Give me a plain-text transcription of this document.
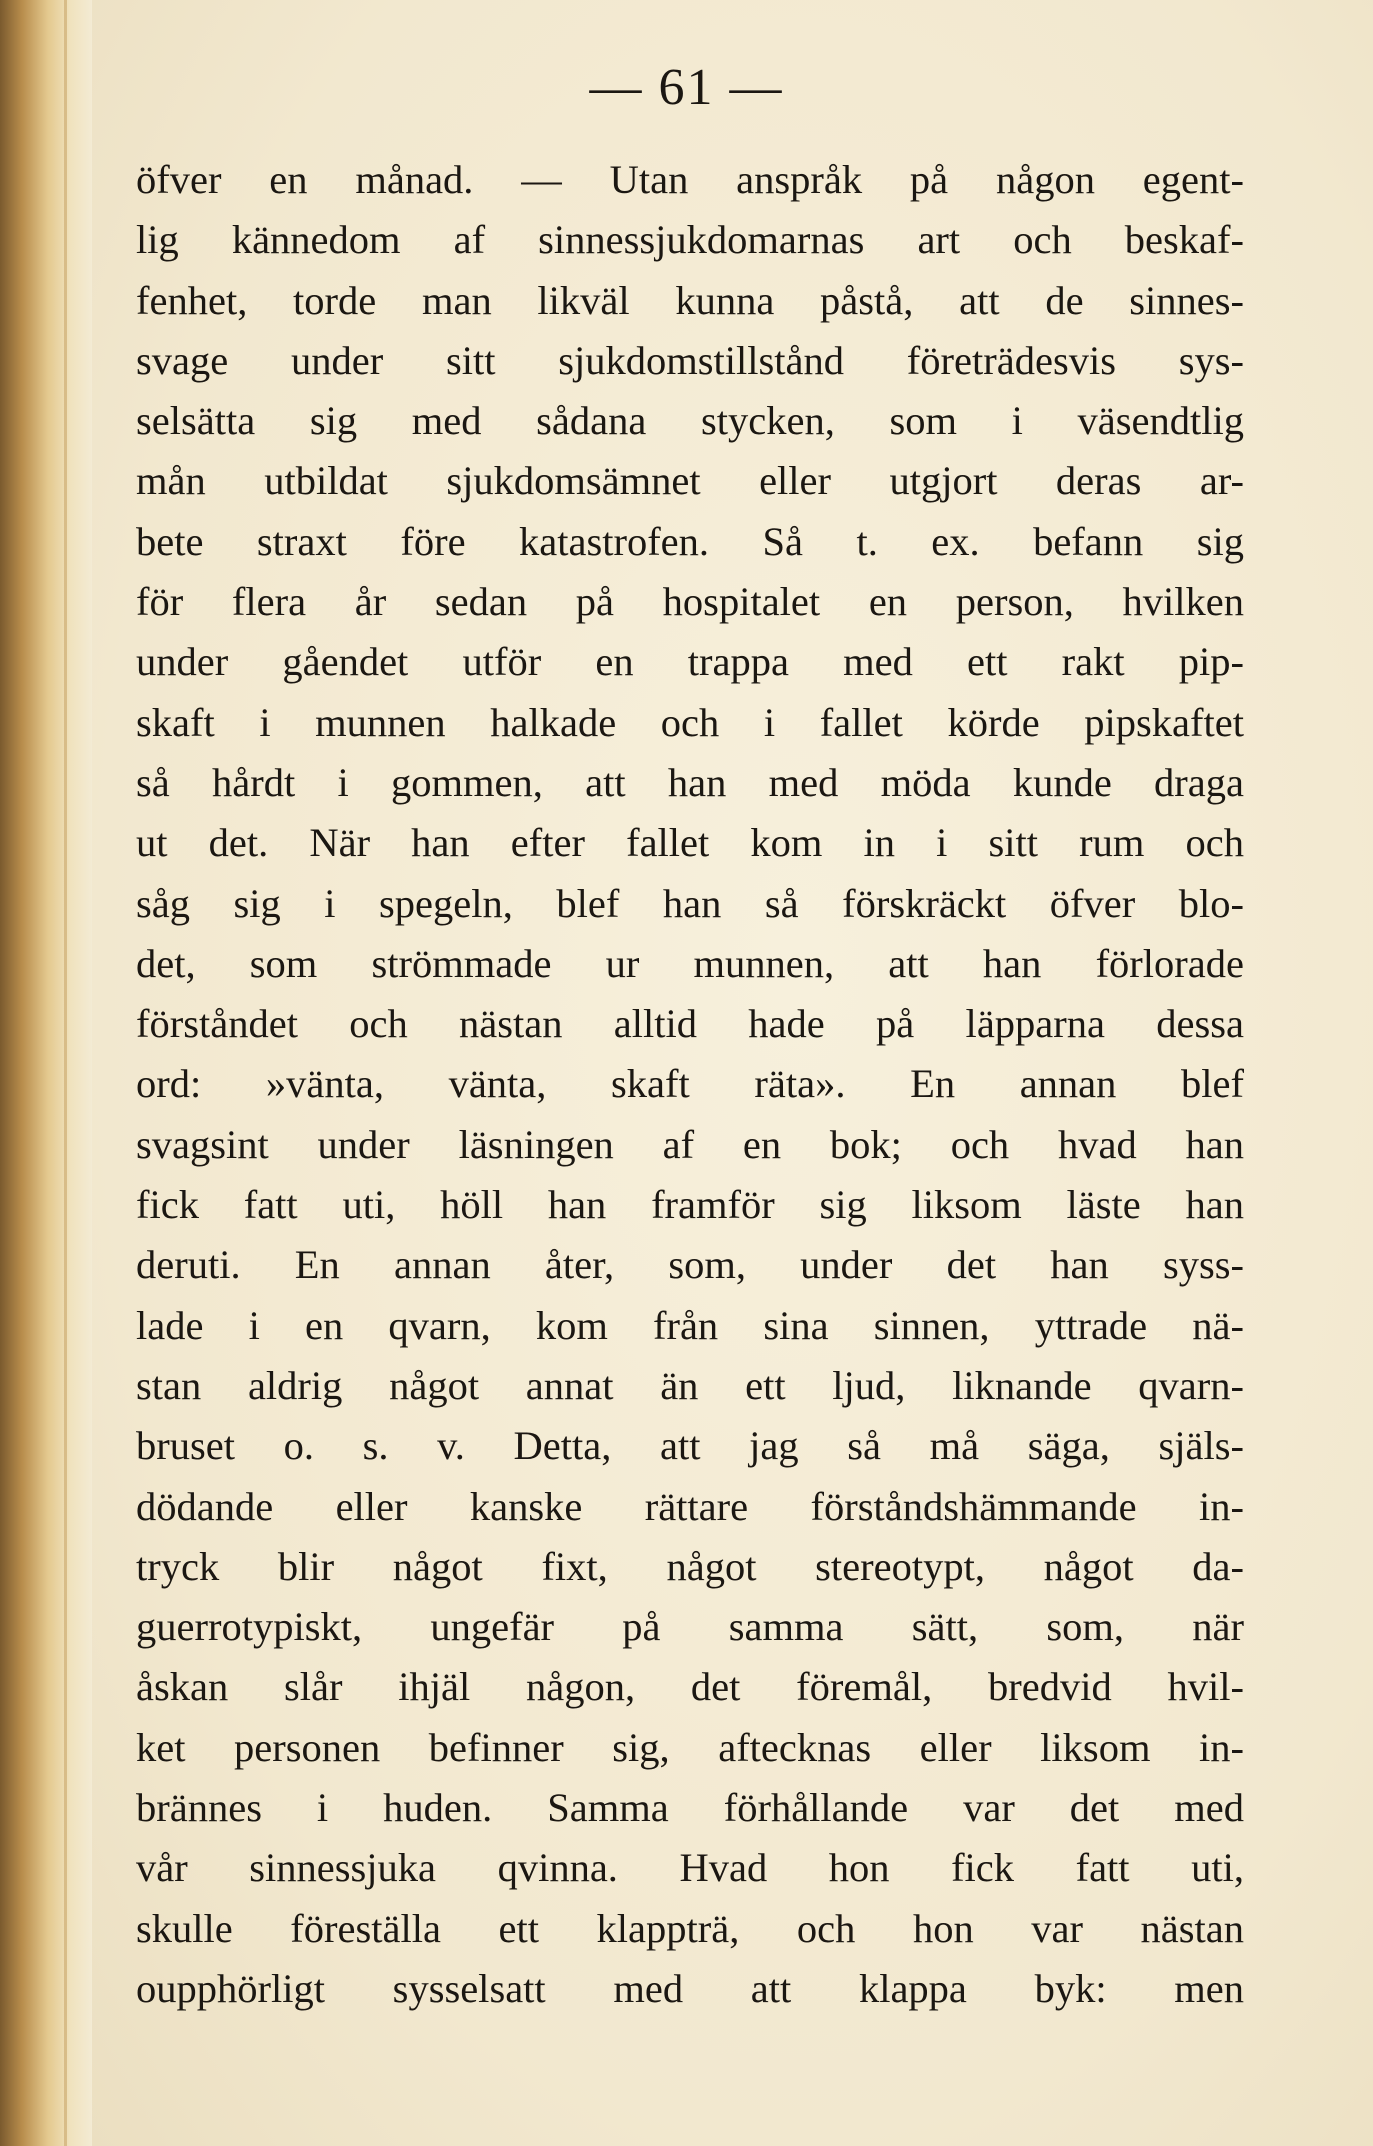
— 61 —
öfver en månad. — Utan anspråk på någon egent-
lig kännedom af sinnessjukdomarnas art och beskaf-
fenhet, torde man likväl kunna påstå, att de sinnes-
svage under sitt sjukdomstillstånd företrädesvis sys-
selsätta sig med sådana stycken, som i väsendtlig
mån utbildat sjukdomsämnet eller utgjort deras ar-
bete straxt före katastrofen. Så t. ex. befann sig
för flera år sedan på hospitalet en person, hvilken
under gåendet utför en trappa med ett rakt pip-
skaft i munnen halkade och i fallet körde pipskaftet
så hårdt i gommen, att han med möda kunde draga
ut det. När han efter fallet kom in i sitt rum och
såg sig i spegeln, blef han så förskräckt öfver blo-
det, som strömmade ur munnen, att han förlorade
förståndet och nästan alltid hade på läpparna dessa
ord: »vänta, vänta, skaft räta». En annan blef
svagsint under läsningen af en bok; och hvad han
fick fatt uti, höll han framför sig liksom läste han
deruti. En annan åter, som, under det han syss-
lade i en qvarn, kom från sina sinnen, yttrade nä-
stan aldrig något annat än ett ljud, liknande qvarn-
bruset o. s. v. Detta, att jag så må säga, själs-
dödande eller kanske rättare förståndshämmande in-
tryck blir något fixt, något stereotypt, något da-
guerrotypiskt, ungefär på samma sätt, som, när
åskan slår ihjäl någon, det föremål, bredvid hvil-
ket personen befinner sig, aftecknas eller liksom in-
brännes i huden. Samma förhållande var det med
vår sinnessjuka qvinna. Hvad hon fick fatt uti,
skulle föreställa ett klappträ, och hon var nästan
oupphörligt sysselsatt med att klappa byk: men
